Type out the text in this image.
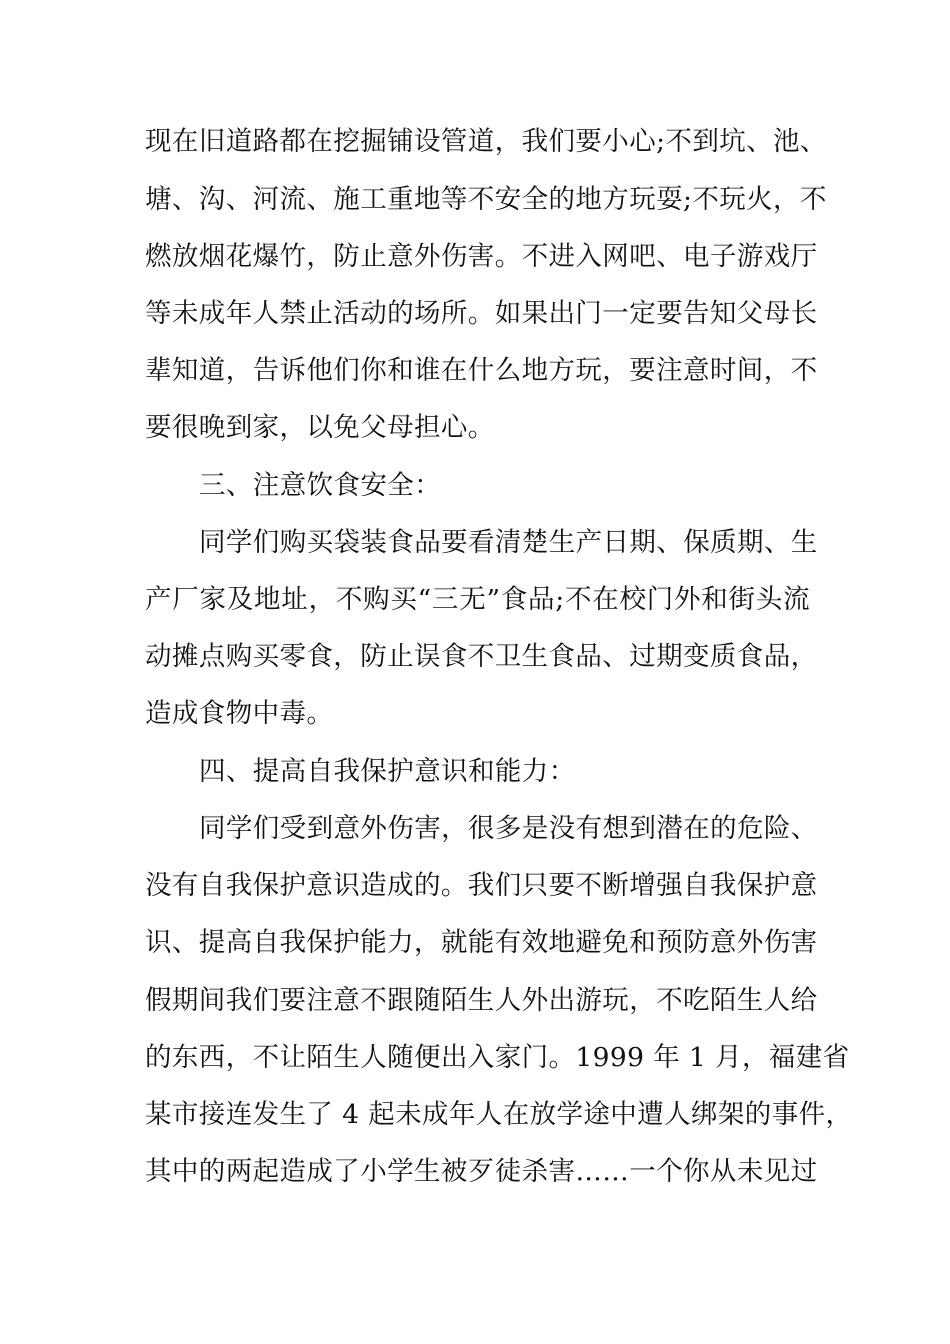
现在旧道路都在挖掘铺设管道，我们要小心;不到坑、池、
塘、沟、河流、施工重地等不安全的地方玩耍;不玩火，不
燃放烟花爆竹，防止意外伤害。不进入网吧、电子游戏厅
等未成年人禁止活动的场所。如果出门一定要告知父母长
辈知道，告诉他们你和谁在什么地方玩，要注意时间，不
要很晚到家，以免父母担心。
三、注意饮食安全：
同学们购买袋装食品要看清楚生产日期、保质期、生
产厂家及地址，不购买“三无”食品;不在校门外和街头流
动摊点购买零食，防止误食不卫生食品、过期变质食品，
造成食物中毒。
四、提高自我保护意识和能力：
同学们受到意外伤害，很多是没有想到潜在的危险、
没有自我保护意识造成的。我们只要不断增强自我保护意
识、提高自我保护能力，就能有效地避免和预防意外伤害
假期间我们要注意不跟随陌生人外出游玩，不吃陌生人给
的东西，不让陌生人随便出入家门。1999 年 1 月，福建省
某市接连发生了 4 起未成年人在放学途中遭人绑架的事件，
其中的两起造成了小学生被歹徒杀害……一个你从未见过
